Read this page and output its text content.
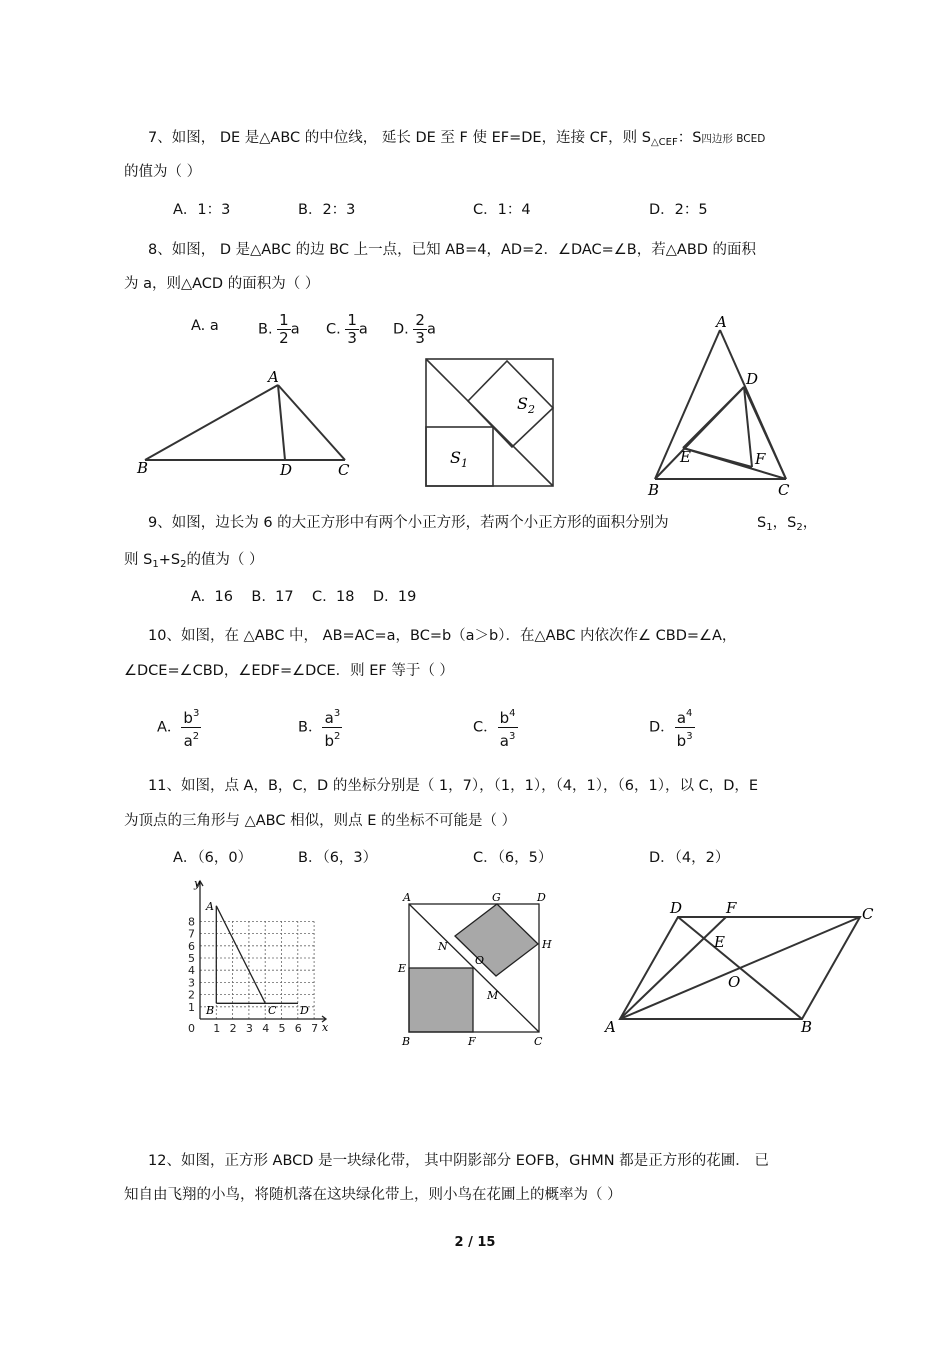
7、如图， DE 是△ABC 的中位线， 延长 DE 至 F 使 EF=DE，连接 CF，则 $S_{\triangle CEF}$：S四边形 BCED
的值为（ ）
A．1：3	B．2：3	C．1：4	D．2：5
8、如图， D 是△ABC 的边 BC 上一点，已知 AB=4，AD=2．∠DAC=∠B，若△ABD 的面积
为 a，则△ACD 的面积为（ ）
A. a	B. $\frac{1}{2}$ a C. $\frac{1}{3}$ a D. $\frac{2}{3}$ a
A
B	D	C
$S_2$
$S_1$
A
D
E	F
B	C
9、如图，边长为 6 的大正方形中有两个小正方形，若两个小正方形的面积分别为	$S_1$，$S_2$，
则 $S_1+S_2$的值为（ ）
A.  16    B.  17    C.  18    D.  19
10、如图，在 △ABC 中， AB=AC=a，BC=b（a＞b）．在△ABC 内依次作∠ CBD=∠A，
∠DCE=∠CBD，∠EDF=∠DCE．则 EF 等于（ ）
A． $\frac{b^3}{a^2}$	B． $\frac{a^3}{b^2}$	C． $\frac{b^4}{a^3}$	D． $\frac{a^4}{b^3}$
11、如图，点 A，B，C，D 的坐标分别是（ 1，7），（1，1），（4，1），（6，1），以 C，D，E
为顶点的三角形与 △ABC 相似，则点 E 的坐标不可能是（ ）
A．（6，0）	B．（6，3）	C．（6，5）	D．（4，2）
8
7
6
5
4
3
2
1
0 1 2 3 4 5 6 7
y
x
A
B	C D
A	G	D
N	H
O
E
M
B	F	C
D	F	C
E
O
A	B
12、如图，正方形 ABCD 是一块绿化带， 其中阴影部分 EOFB，GHMN 都是正方形的花圃． 已
知自由飞翔的小鸟，将随机落在这块绿化带上，则小鸟在花圃上的概率为（ ）
2 / 15
